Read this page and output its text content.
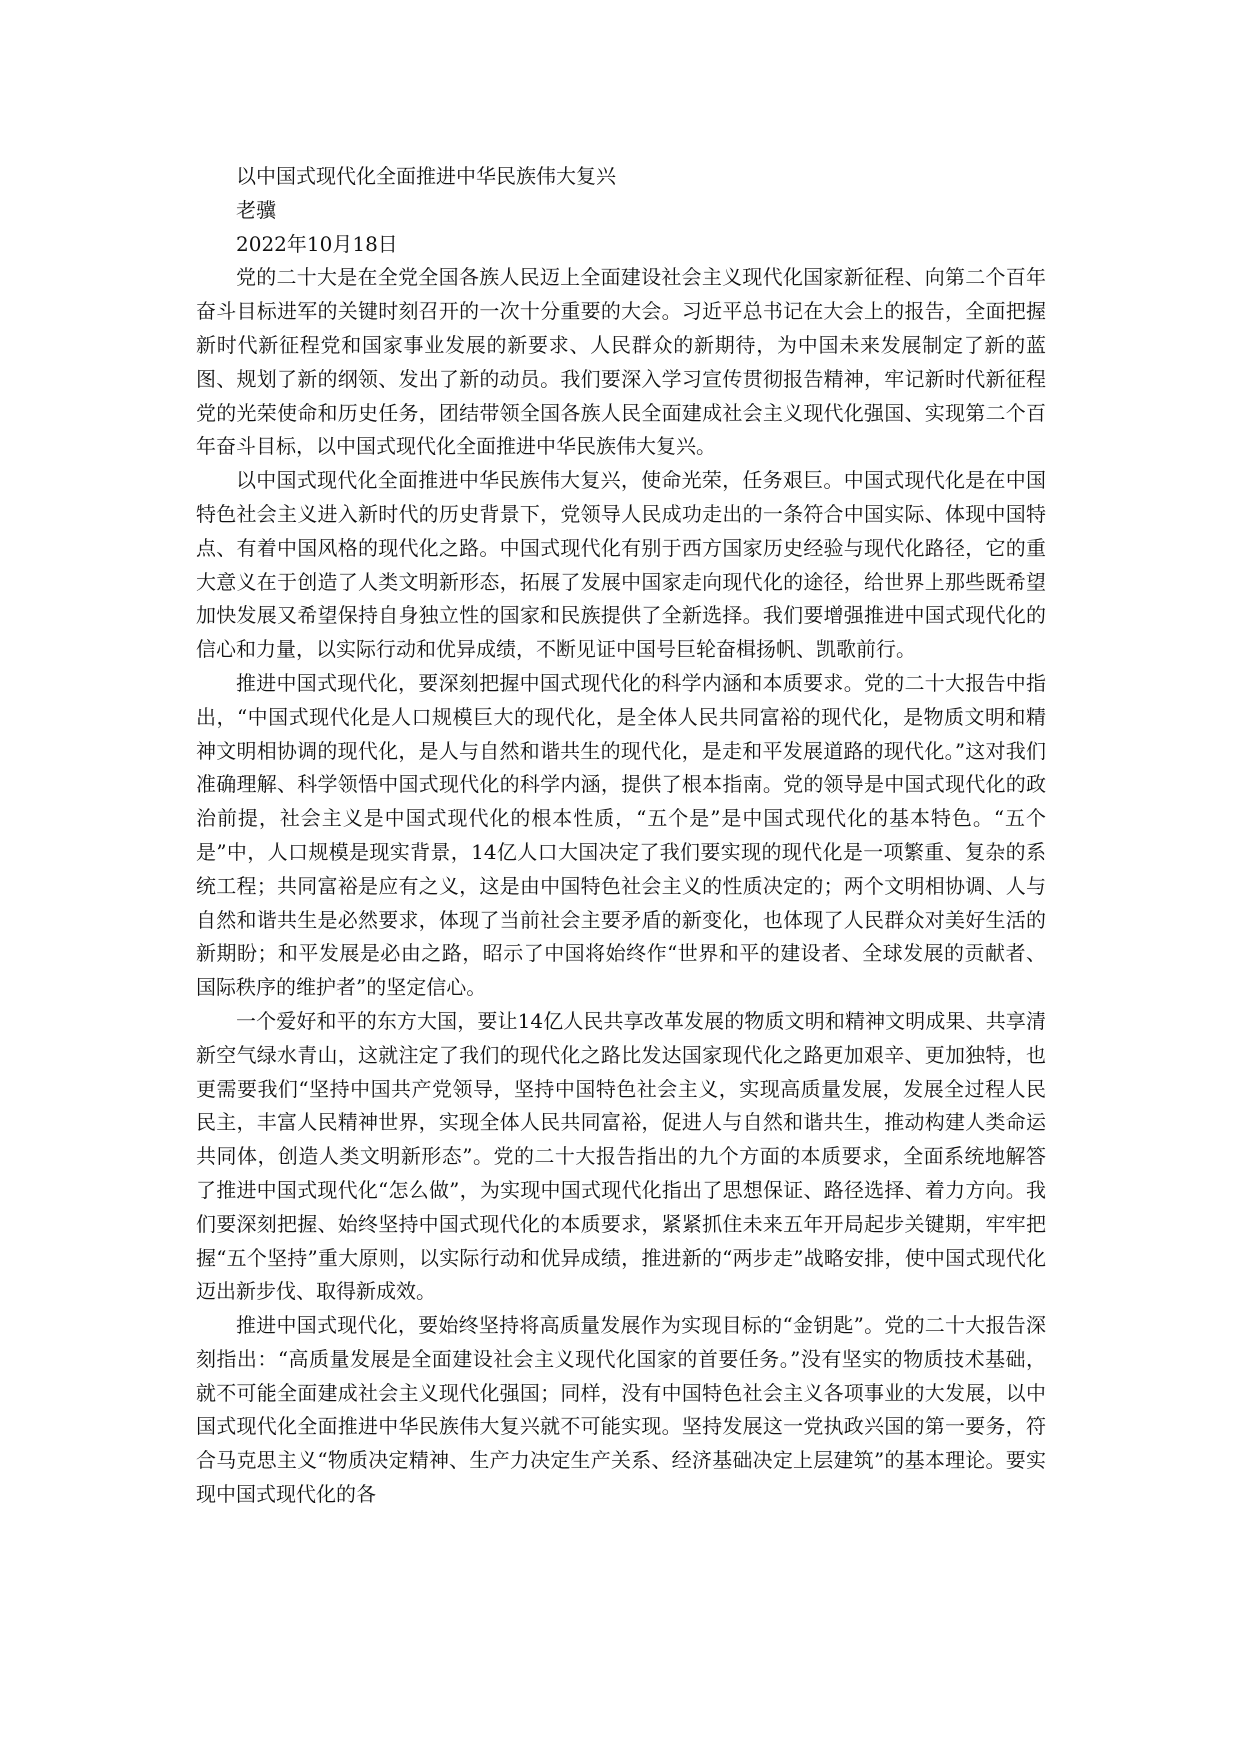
以中国式现代化全面推进中华民族伟大复兴

老骥

2022年10月18日

党的二十大是在全党全国各族人民迈上全面建设社会主义现代化国家新征程、向第二个百年奋斗目标进军的关键时刻召开的一次十分重要的大会。习近平总书记在大会上的报告，全面把握新时代新征程党和国家事业发展的新要求、人民群众的新期待，为中国未来发展制定了新的蓝图、规划了新的纲领、发出了新的动员。我们要深入学习宣传贯彻报告精神，牢记新时代新征程党的光荣使命和历史任务，团结带领全国各族人民全面建成社会主义现代化强国、实现第二个百年奋斗目标，以中国式现代化全面推进中华民族伟大复兴。

以中国式现代化全面推进中华民族伟大复兴，使命光荣，任务艰巨。中国式现代化是在中国特色社会主义进入新时代的历史背景下，党领导人民成功走出的一条符合中国实际、体现中国特点、有着中国风格的现代化之路。中国式现代化有别于西方国家历史经验与现代化路径，它的重大意义在于创造了人类文明新形态，拓展了发展中国家走向现代化的途径，给世界上那些既希望加快发展又希望保持自身独立性的国家和民族提供了全新选择。我们要增强推进中国式现代化的信心和力量，以实际行动和优异成绩，不断见证中国号巨轮奋楫扬帆、凯歌前行。

推进中国式现代化，要深刻把握中国式现代化的科学内涵和本质要求。党的二十大报告中指出，“中国式现代化是人口规模巨大的现代化，是全体人民共同富裕的现代化，是物质文明和精神文明相协调的现代化，是人与自然和谐共生的现代化，是走和平发展道路的现代化。”这对我们准确理解、科学领悟中国式现代化的科学内涵，提供了根本指南。党的领导是中国式现代化的政治前提，社会主义是中国式现代化的根本性质，“五个是”是中国式现代化的基本特色。“五个是”中，人口规模是现实背景，14亿人口大国决定了我们要实现的现代化是一项繁重、复杂的系统工程；共同富裕是应有之义，这是由中国特色社会主义的性质决定的；两个文明相协调、人与自然和谐共生是必然要求，体现了当前社会主要矛盾的新变化，也体现了人民群众对美好生活的新期盼；和平发展是必由之路，昭示了中国将始终作“世界和平的建设者、全球发展的贡献者、国际秩序的维护者”的坚定信心。

一个爱好和平的东方大国，要让14亿人民共享改革发展的物质文明和精神文明成果、共享清新空气绿水青山，这就注定了我们的现代化之路比发达国家现代化之路更加艰辛、更加独特，也更需要我们“坚持中国共产党领导，坚持中国特色社会主义，实现高质量发展，发展全过程人民民主，丰富人民精神世界，实现全体人民共同富裕，促进人与自然和谐共生，推动构建人类命运共同体，创造人类文明新形态”。党的二十大报告指出的九个方面的本质要求，全面系统地解答了推进中国式现代化“怎么做”，为实现中国式现代化指出了思想保证、路径选择、着力方向。我们要深刻把握、始终坚持中国式现代化的本质要求，紧紧抓住未来五年开局起步关键期，牢牢把握“五个坚持”重大原则，以实际行动和优异成绩，推进新的“两步走”战略安排，使中国式现代化迈出新步伐、取得新成效。

推进中国式现代化，要始终坚持将高质量发展作为实现目标的“金钥匙”。党的二十大报告深刻指出：“高质量发展是全面建设社会主义现代化国家的首要任务。”没有坚实的物质技术基础，就不可能全面建成社会主义现代化强国；同样，没有中国特色社会主义各项事业的大发展，以中国式现代化全面推进中华民族伟大复兴就不可能实现。坚持发展这一党执政兴国的第一要务，符合马克思主义“物质决定精神、生产力决定生产关系、经济基础决定上层建筑”的基本理论。要实现中国式现代化的各
